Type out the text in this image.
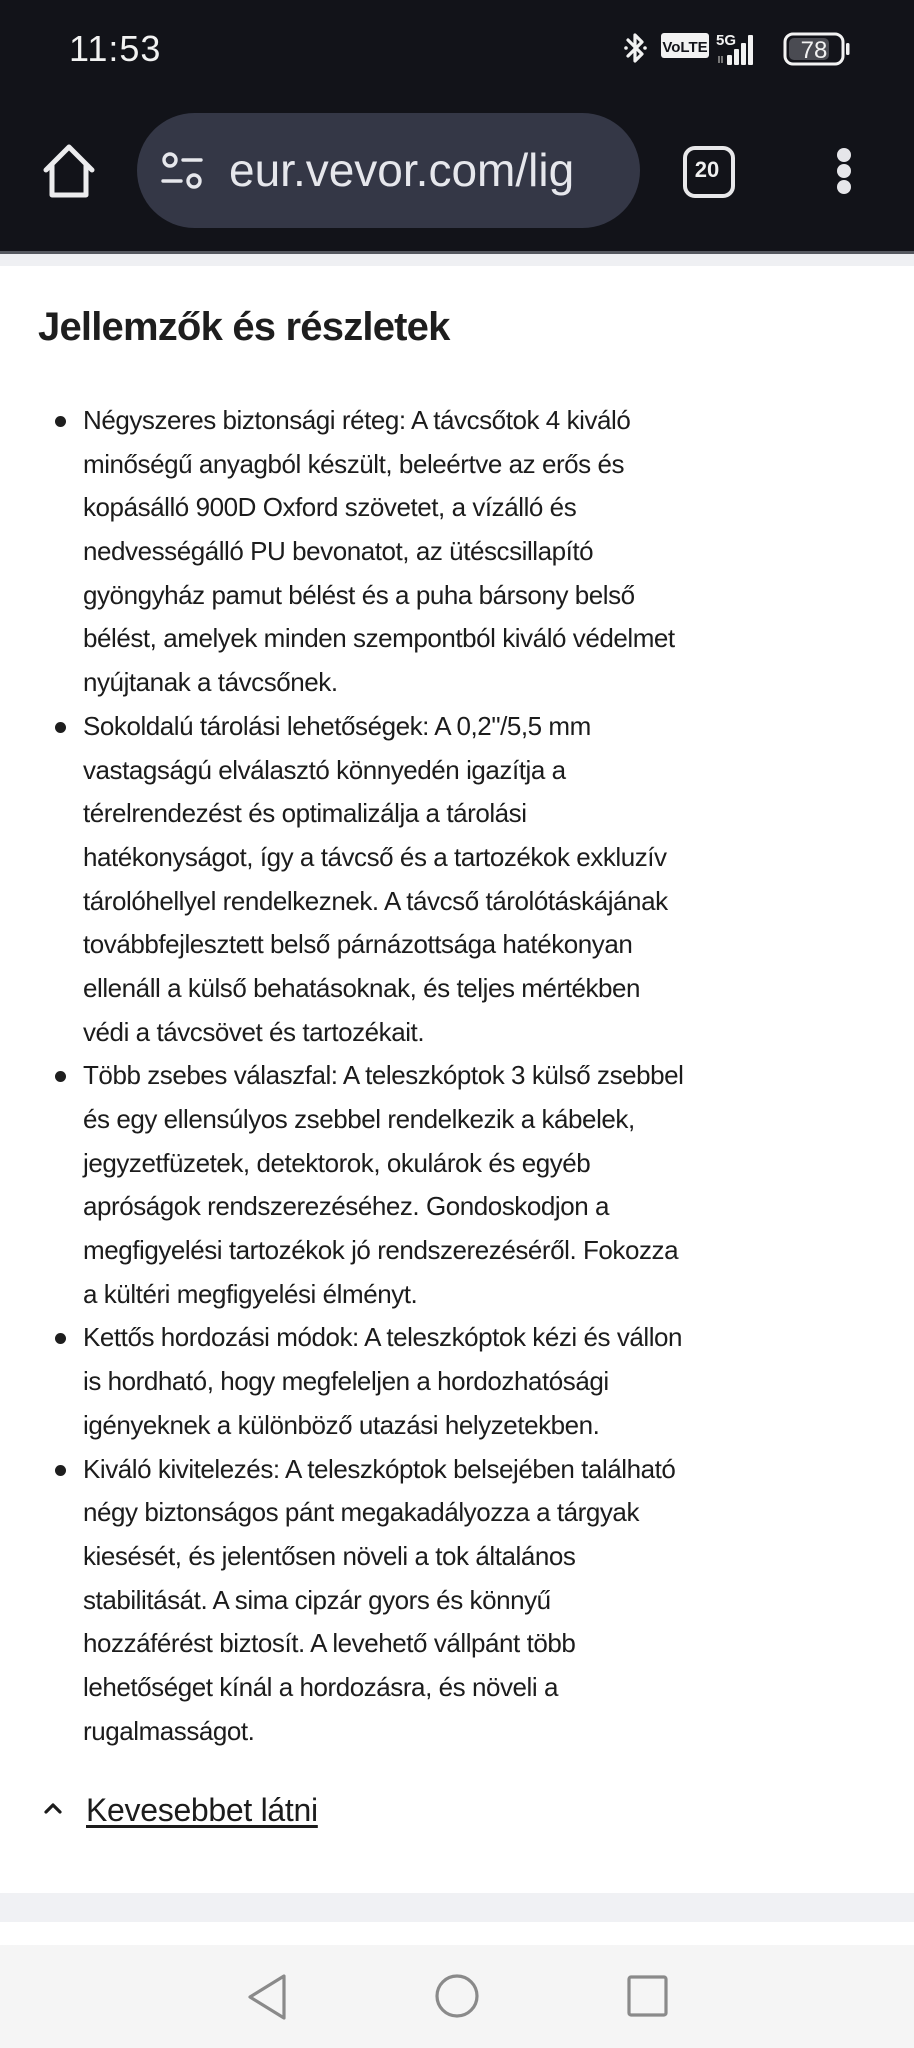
11:53	VoLTE 5G	78
eur.vevor.com/lig	20
Jellemzők és részletek
Négyszeres biztonsági réteg: A távcsőtok 4 kiváló
minőségű anyagból készült, beleértve az erős és
kopásálló 900D Oxford szövetet, a vízálló és
nedvességálló PU bevonatot, az ütéscsillapító
gyöngyház pamut bélést és a puha bársony belső
bélést, amelyek minden szempontból kiváló védelmet
nyújtanak a távcsőnek.
Sokoldalú tárolási lehetőségek: A 0,2"/5,5 mm
vastagságú elválasztó könnyedén igazítja a
térelrendezést és optimalizálja a tárolási
hatékonyságot, így a távcső és a tartozékok exkluzív
tárolóhellyel rendelkeznek. A távcső tárolótáskájának
továbbfejlesztett belső párnázottsága hatékonyan
ellenáll a külső behatásoknak, és teljes mértékben
védi a távcsövet és tartozékait.
Több zsebes válaszfal: A teleszkóptok 3 külső zsebbel
és egy ellensúlyos zsebbel rendelkezik a kábelek,
jegyzetfüzetek, detektorok, okulárok és egyéb
apróságok rendszerezéséhez. Gondoskodjon a
megfigyelési tartozékok jó rendszerezéséről. Fokozza
a kültéri megfigyelési élményt.
Kettős hordozási módok: A teleszkóptok kézi és vállon
is hordható, hogy megfeleljen a hordozhatósági
igényeknek a különböző utazási helyzetekben.
Kiváló kivitelezés: A teleszkóptok belsejében található
négy biztonságos pánt megakadályozza a tárgyak
kiesését, és jelentősen növeli a tok általános
stabilitását. A sima cipzár gyors és könnyű
hozzáférést biztosít. A levehető vállpánt több
lehetőséget kínál a hordozásra, és növeli a
rugalmasságot.
Kevesebbet látni
